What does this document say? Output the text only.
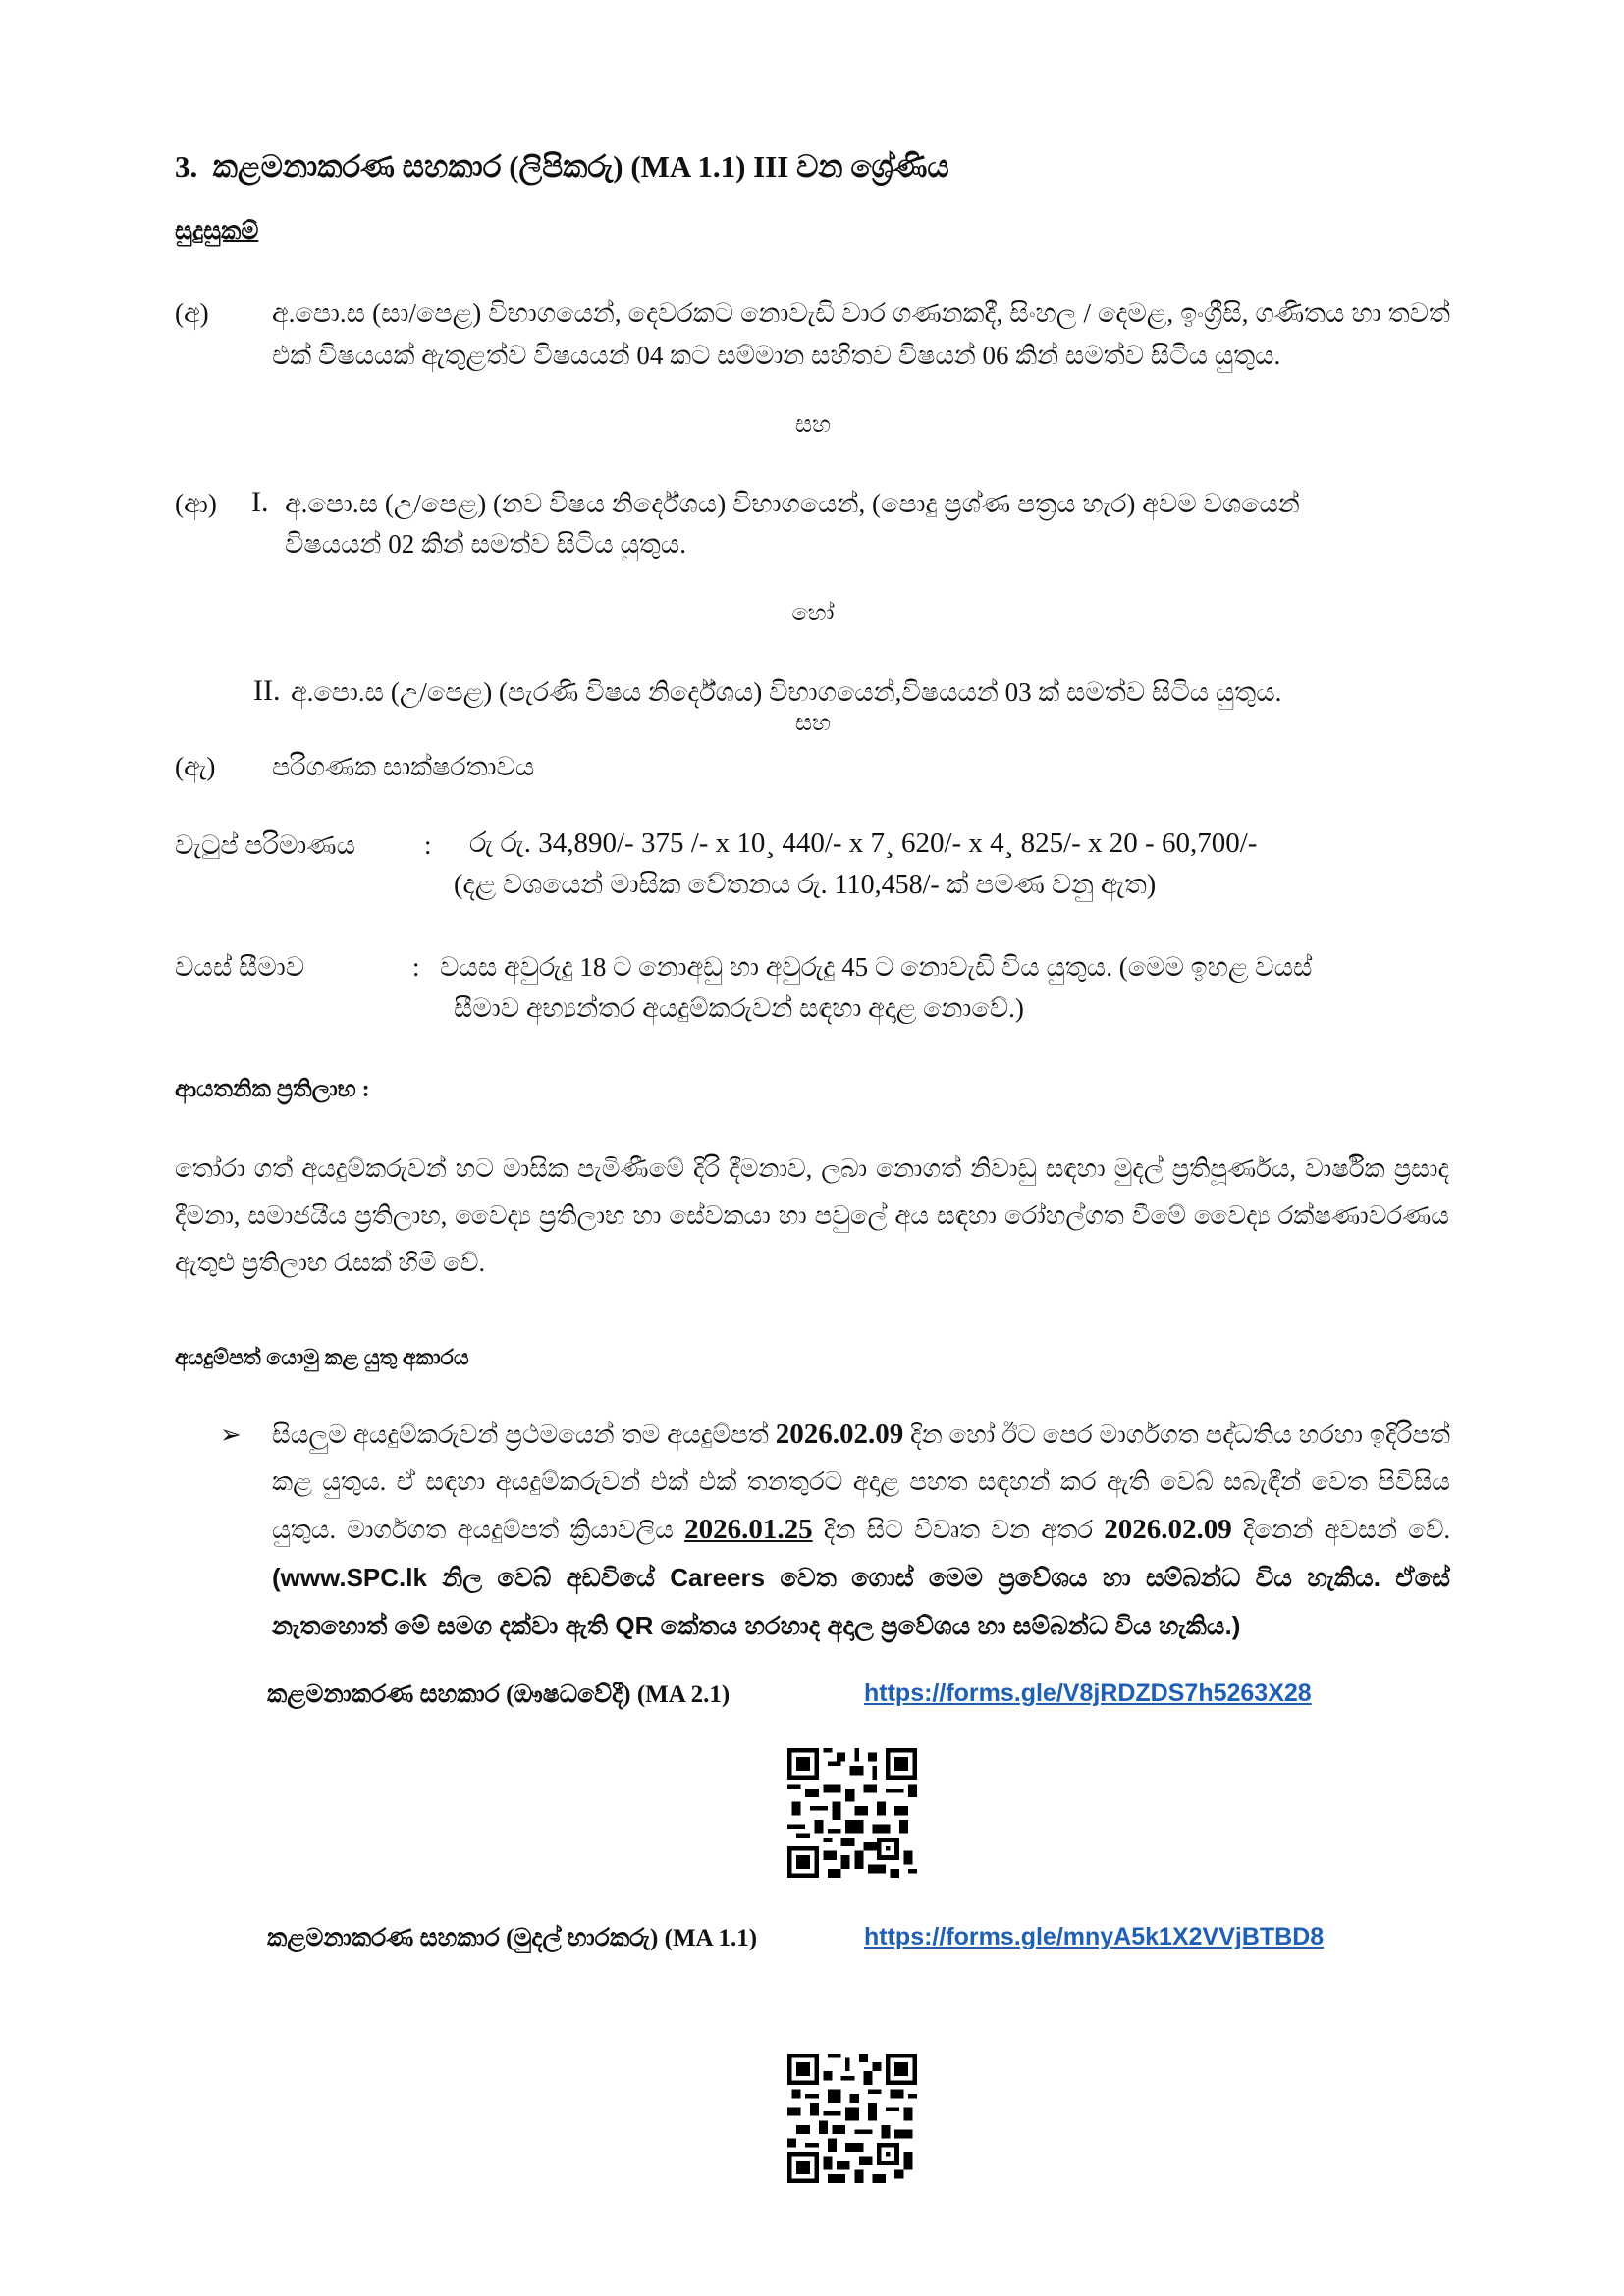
3. කළමනාකරණ සහකාර (ලිපිකරු) (MA 1.1) III වන ශ්‍රේණිය
සුදුසුකම්
(අ) අ.පො.ස (සා/පෙළ) විභාගයෙන්, දෙවරකට නොවැඩි වාර ගණනකදී, සිංහල / දෙමළ, ඉංග්‍රීසි, ගණිතය හා තවත් එක් විෂයයක් ඇතුළත්ව විෂයයන් 04 කට සම්මාන සහිතව විෂයන් 06 කින් සමත්ව සිටිය යුතුය.
සහ
(ආ) I. අ.පො.ස (උ/පෙළ) (නව විෂය නිර්දේශය) විභාගයෙන්, (පොදු ප්‍රශ්ණ පත්‍රය හැර) අවම වශයෙන්
විෂයයන් 02 කින් සමත්ව සිටිය යුතුය.
හෝ
II. අ.පො.ස (උ/පෙළ) (පැරණි විෂය නිර්දේශය) විභාගයෙන්,විෂයයන් 03 ක් සමත්ව සිටිය යුතුය.
සහ
(ඇ) පරිගණක සාක්ෂරතාවය
වැටුප් පරිමාණය	: රු රු. 34,890/- 375 /- x 10¸ 440/- x 7¸ 620/- x 4¸ 825/- x 20 - 60,700/-
(දළ වශයෙන් මාසික වේතනය රු. 110,458/- ක් පමණ වනු ඇත)
වයස් සීමාව	: වයස අවුරුදු 18 ට නොඅඩු හා අවුරුදු 45 ට නොවැඩි විය යුතුය. (මෙම ඉහළ වයස්
සීමාව අභ්‍යන්තර අයදුම්කරුවන් සඳහා අදාළ නොවේ.)
ආයතනික ප්‍රතිලාභ :
තෝරා ගත් අයදුම්කරුවන් හට මාසික පැමිණීමේ දිරි දීමනාව, ලබා නොගත් නිවාඩු සඳහා මුදල් ප්‍රතිපූර්ණය, වාර්ෂික ප්‍රසාද දීමනා, සමාජයීය ප්‍රතිලාභ, වෛද්‍ය ප්‍රතිලාභ හා සේවකයා හා පවුලේ අය සඳහා රෝහල්ගත වීමේ වෛද්‍ය රක්ෂණාවරණය ඇතුළු ප්‍රතිලාභ රැසක් හිමි වේ.
අයදුම්පත් යොමු කළ යුතු අකාරය
➢ සියලුම අයදුම්කරුවන් ප්‍රථමයෙන් තම අයදුම්පත් 2026.02.09 දින හෝ ඊට පෙර මාර්ගගත පද්ධතිය හරහා ඉදිරිපත් කළ යුතුය. ඒ සඳහා අයදුම්කරුවන් එක් එක් තනතුරට අදාළ පහත සඳහන් කර ඇති වෙබ් සබැඳීන් වෙත පිවිසිය යුතුය. මාර්ගගත අයදුම්පත් ක්‍රියාවලිය 2026.01.25 දින සිට විවෘත වන අතර 2026.02.09 දිනෙන් අවසන් වේ. (www.SPC.lk නිල වෙබ් අඩවියේ Careers වෙත ගොස් මෙම ප්‍රවේශය හා සම්බන්ධ විය හැකිය. ඒසේ නැතහොත් මේ සමග දක්වා ඇති QR කේතය හරහාද අදාල ප්‍රවේශය හා සම්බන්ධ විය හැකිය.)
කළමනාකරණ සහකාර (ඖෂධවේදී) (MA 2.1)	https://forms.gle/V8jRDZDS7h5263X28
කළමනාකරණ සහකාර (මුදල් භාරකරු) (MA 1.1)	https://forms.gle/mnyA5k1X2VVjBTBD8
